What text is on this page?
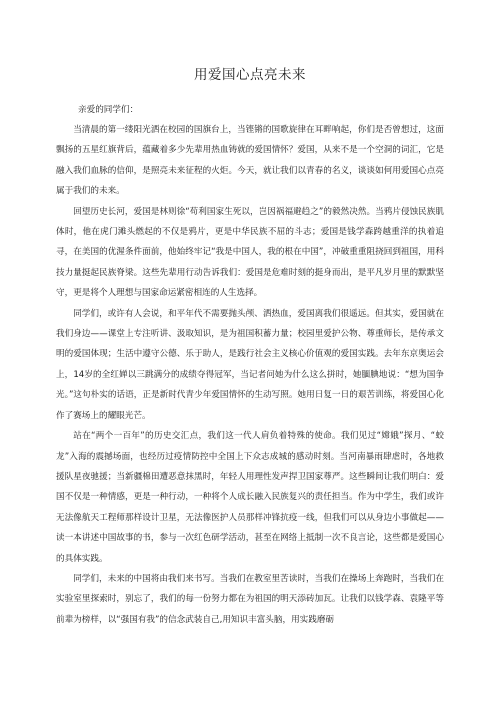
用爱国心点亮未来
亲爱的同学们：

当清晨的第一缕阳光洒在校园的国旗台上，当铿锵的国歌旋律在耳畔响起，你们是否曾想过，这面飘扬的五星红旗背后，蕴藏着多少先辈用热血铸就的爱国情怀？爱国，从来不是一个空洞的词汇，它是融入我们血脉的信仰，是照亮未来征程的火炬。今天，就让我们以青春的名义，谈谈如何用爱国心点亮属于我们的未来。

回望历史长河，爱国是林则徐“苟利国家生死以，岂因祸福避趋之”的毅然决然。当鸦片侵蚀民族肌体时，他在虎门滩头燃起的不仅是鸦片，更是中华民族不屈的斗志；爱国是钱学森跨越重洋的执着追寻，在美国的优渥条件面前，他始终牢记“我是中国人，我的根在中国”，冲破重重阻挠回到祖国，用科技力量挺起民族脊梁。这些先辈用行动告诉我们：爱国是危难时刻的挺身而出，是平凡岁月里的默默坚守，更是将个人理想与国家命运紧密相连的人生选择。

同学们，或许有人会说，和平年代不需要抛头颅、洒热血，爱国离我们很遥远。但其实，爱国就在我们身边——课堂上专注听讲、汲取知识，是为祖国积蓄力量；校园里爱护公物、尊重师长，是传承文明的爱国体现；生活中遵守公德、乐于助人，是践行社会主义核心价值观的爱国实践。去年东京奥运会上，14岁的全红婵以三跳满分的成绩夺得冠军，当记者问她为什么这么拼时，她腼腆地说：“想为国争光。”这句朴实的话语，正是新时代青少年爱国情怀的生动写照。她用日复一日的艰苦训练，将爱国心化作了赛场上的耀眼光芒。

站在“两个一百年”的历史交汇点，我们这一代人肩负着特殊的使命。我们见过“嫦娥”探月、“蛟龙”入海的震撼场面，也经历过疫情防控中全国上下众志成城的感动时刻。当河南暴雨肆虐时，各地救援队星夜驰援；当新疆棉田遭恶意抹黑时，年轻人用理性发声捍卫国家尊严。这些瞬间让我们明白：爱国不仅是一种情感，更是一种行动，一种将个人成长融入民族复兴的责任担当。作为中学生，我们或许无法像航天工程师那样设计卫星，无法像医护人员那样冲锋抗疫一线，但我们可以从身边小事做起——读一本讲述中国故事的书，参与一次红色研学活动，甚至在网络上抵制一次不良言论，这些都是爱国心的具体实践。

同学们，未来的中国将由我们来书写。当我们在教室里苦读时，当我们在操场上奔跑时，当我们在实验室里探索时，别忘了，我们的每一份努力都在为祖国的明天添砖加瓦。让我们以钱学森、袁隆平等前辈为榜样，以“强国有我”的信念武装自己,用知识丰富头脑，用实践磨砺
